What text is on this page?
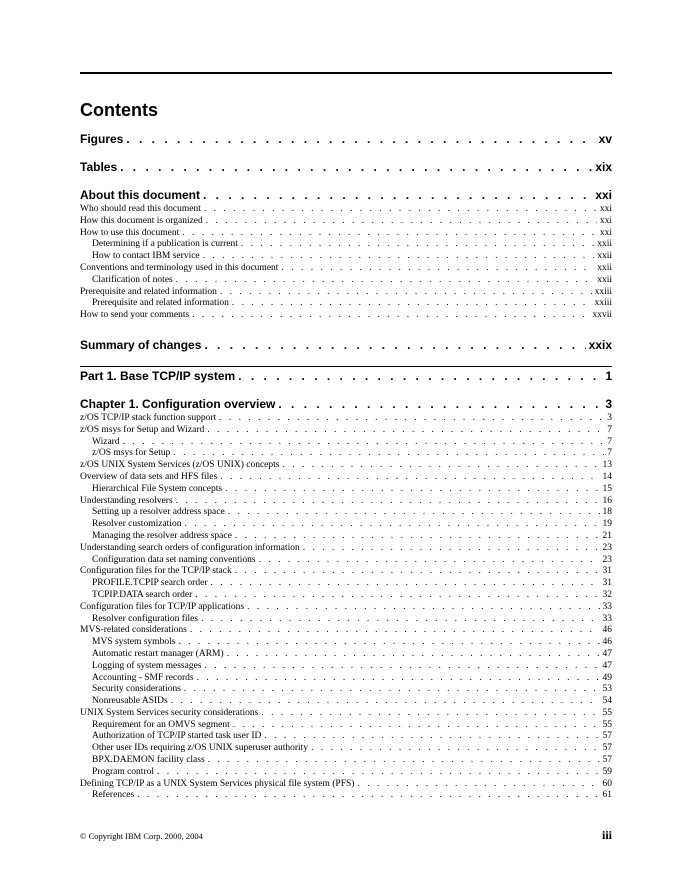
Contents
Figures . . .	xv
Tables . . .	xix
About this document . . .	xxi
Who should read this document . . .	xxi
How this document is organized . . .	xxi
How to use this document . . .	xxi
Determining if a publication is current . . .	xxii
How to contact IBM service . . .	xxii
Conventions and terminology used in this document . . .	xxii
Clarification of notes . . .	xxii
Prerequisite and related information . . .	xxiii
Prerequisite and related information . . .	xxiii
How to send your comments . . .	xxvii
Summary of changes . . .	xxix
Part 1. Base TCP/IP system . . .	1
Chapter 1. Configuration overview . . .	3
z/OS TCP/IP stack function support . . .	3
z/OS msys for Setup and Wizard . . .	7
Wizard . . .	7
z/OS msys for Setup . . .	7
z/OS UNIX System Services (z/OS UNIX) concepts . . .	13
Overview of data sets and HFS files . . .	14
Hierarchical File System concepts . . .	15
Understanding resolvers . . .	16
Setting up a resolver address space . . .	18
Resolver customization . . .	19
Managing the resolver address space . . .	21
Understanding search orders of configuration information . . .	23
Configuration data set naming conventions . . .	23
Configuration files for the TCP/IP stack . . .	31
PROFILE.TCPIP search order . . .	31
TCPIP.DATA search order . . .	32
Configuration files for TCP/IP applications . . .	33
Resolver configuration files . . .	33
MVS-related considerations . . .	46
MVS system symbols . . .	46
Automatic restart manager (ARM) . . .	47
Logging of system messages . . .	47
Accounting - SMF records . . .	49
Security considerations . . .	53
Nonreusable ASIDs . . .	54
UNIX System Services security considerations . . .	55
Requirement for an OMVS segment . . .	55
Authorization of TCP/IP started task user ID . . .	57
Other user IDs requiring z/OS UNIX superuser authority . . .	57
BPX.DAEMON facility class . . .	57
Program control . . .	59
Defining TCP/IP as a UNIX System Services physical file system (PFS) . . .	60
References . . .	61
© Copyright IBM Corp. 2000, 2004	iii
